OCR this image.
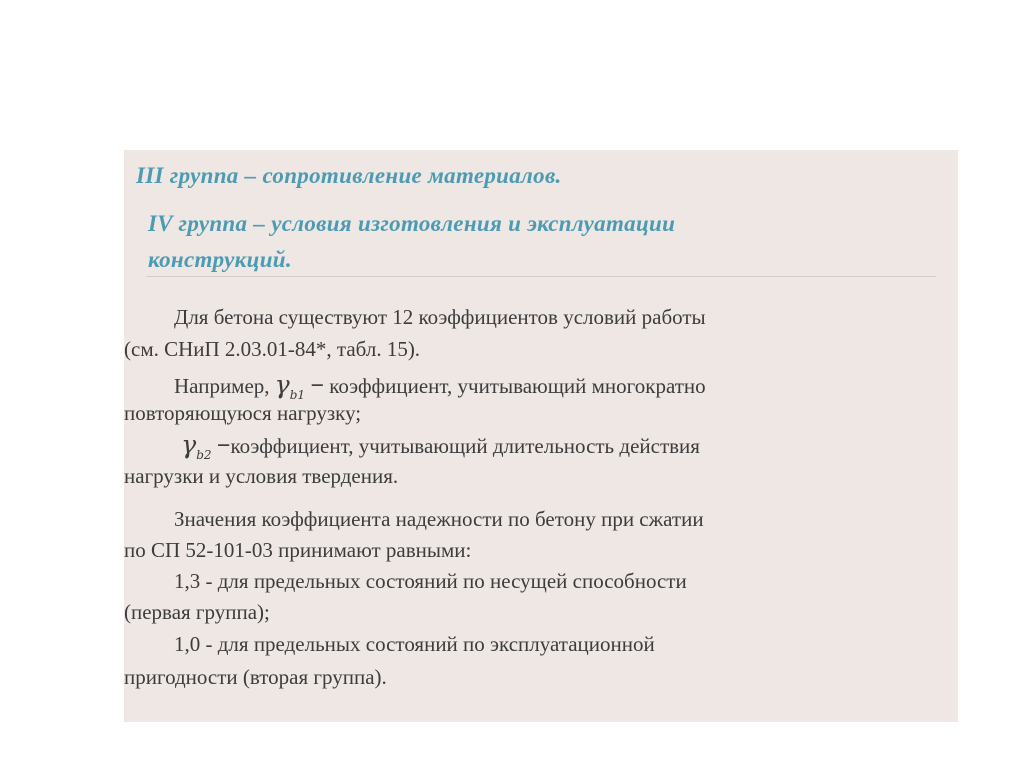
III группа – сопротивление материалов.
IV группа – условия изготовления и эксплуатации
конструкций.
Для бетона существуют 12 коэффициентов условий работы
(см. СНиП 2.03.01-84*, табл. 15).
Например, $\gamma_{b1}$ − коэффициент, учитывающий многократно
повторяющуюся нагрузку;
$\gamma_{b2}$ −коэффициент, учитывающий длительность действия
нагрузки и условия твердения.
Значения коэффициента надежности по бетону при сжатии
по СП 52-101-03 принимают равными:
1,3 - для предельных состояний по несущей способности
(первая группа);
1,0 - для предельных состояний по эксплуатационной
пригодности (вторая группа).
